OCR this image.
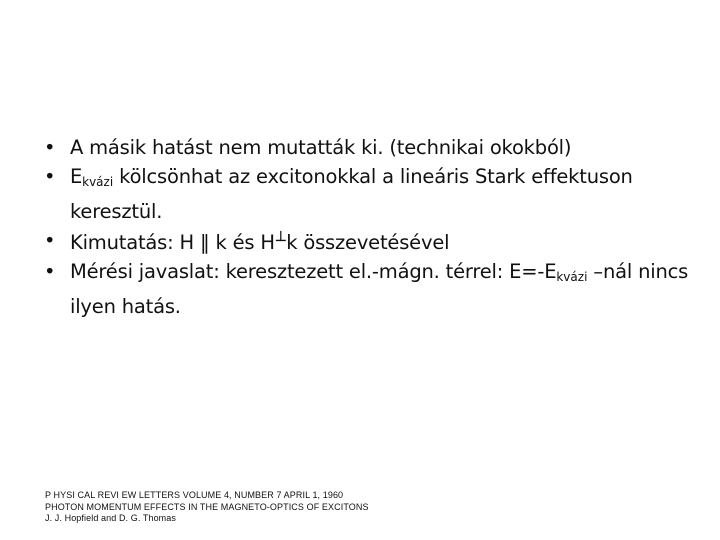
• A másik hatást nem mutatták ki. (technikai okokból)
• $E_{kvázi}$ kölcsönhat az excitonokkal a lineáris Stark effektuson keresztül.
• Kimutatás: H ‖ k és H┴k összevetésével
• Mérési javaslat: keresztezett el.-mágn. térrel: $E=-E_{kvázi}$ –nál nincs ilyen hatás.
P HYSI CAL REVI EW LETTERS VOLUME 4, NUMBER 7 APRIL 1, 1960
PHOTON MOMENTUM EFFECTS IN THE MAGNETO-OPTICS OF EXCITONS
J. J. Hopfield and D. G. Thomas
